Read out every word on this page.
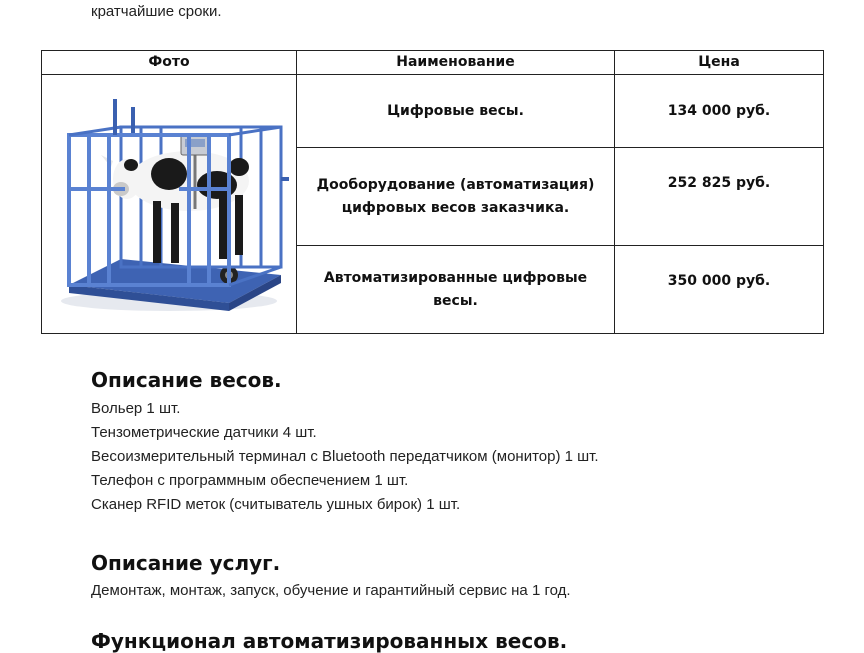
кратчайшие сроки.
Фото	Наименование	Цена

	Цифровые весы.	134 000 руб.
	Дооборудование (автоматизация) цифровых весов заказчика.	252 825 руб.
	Автоматизированные цифровые весы.	350 000 руб.
Описание весов.
Вольер 1 шт.
Тензометрические датчики 4 шт.
Весоизмерительный терминал с Bluetooth передатчиком (монитор) 1 шт.
Телефон с программным обеспечением 1 шт.
Сканер RFID меток (считыватель ушных бирок) 1 шт.
Описание услуг.
Демонтаж, монтаж, запуск, обучение и гарантийный сервис на 1 год.
Функционал автоматизированных весов.
